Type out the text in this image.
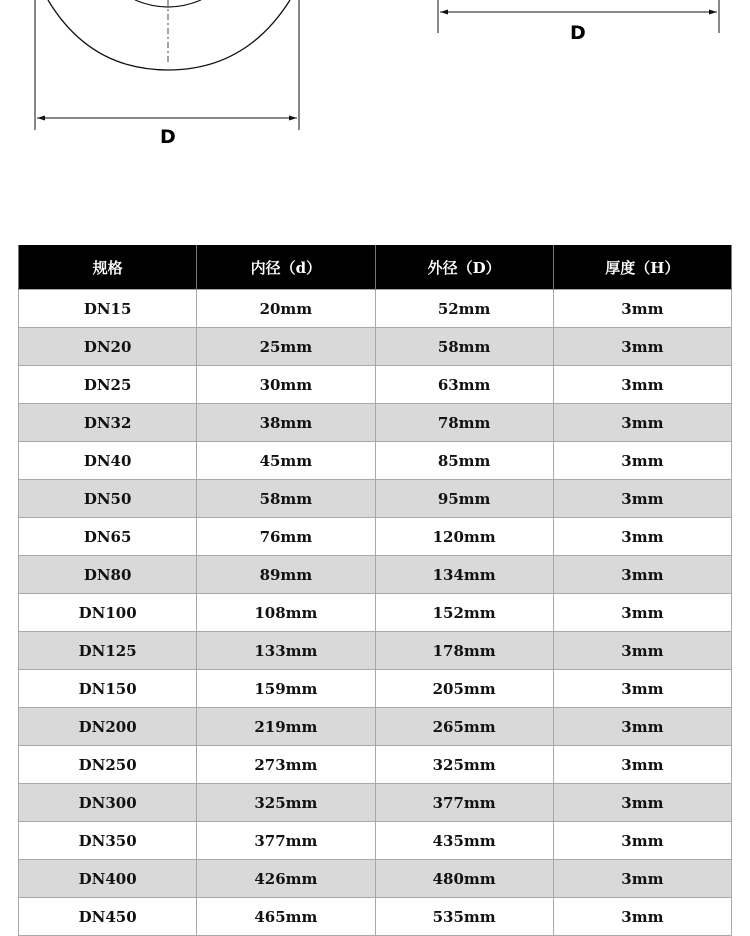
D
D
规格	内径（d）	外径（D）	厚度（H）
DN15	20mm	52mm	3mm
DN20	25mm	58mm	3mm
DN25	30mm	63mm	3mm
DN32	38mm	78mm	3mm
DN40	45mm	85mm	3mm
DN50	58mm	95mm	3mm
DN65	76mm	120mm	3mm
DN80	89mm	134mm	3mm
DN100	108mm	152mm	3mm
DN125	133mm	178mm	3mm
DN150	159mm	205mm	3mm
DN200	219mm	265mm	3mm
DN250	273mm	325mm	3mm
DN300	325mm	377mm	3mm
DN350	377mm	435mm	3mm
DN400	426mm	480mm	3mm
DN450	465mm	535mm	3mm
